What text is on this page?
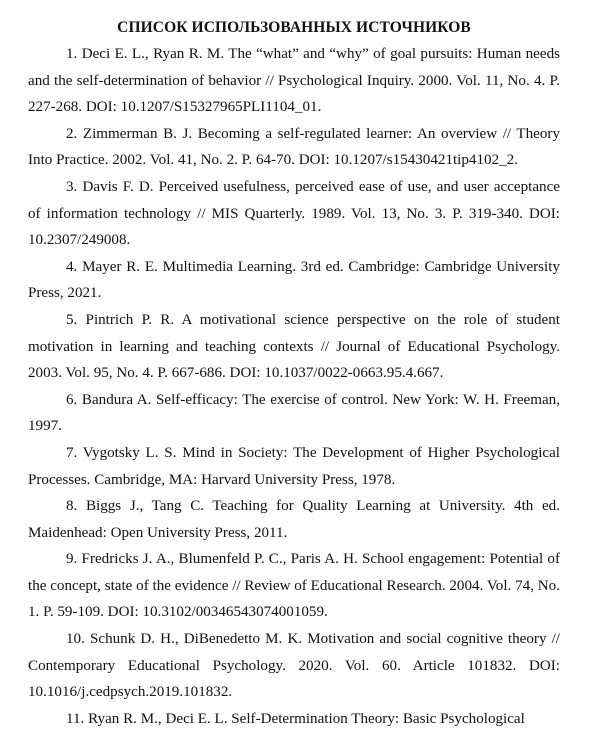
СПИСОК ИСПОЛЬЗОВАННЫХ ИСТОЧНИКОВ

1. Deci E. L., Ryan R. M. The “what” and “why” of goal pursuits: Human needs and the self-determination of behavior // Psychological Inquiry. 2000. Vol. 11, No. 4. P. 227-268. DOI: 10.1207/S15327965PLI1104_01.

2. Zimmerman B. J. Becoming a self-regulated learner: An overview // Theory Into Practice. 2002. Vol. 41, No. 2. P. 64-70. DOI: 10.1207/s15430421tip4102_2.

3. Davis F. D. Perceived usefulness, perceived ease of use, and user acceptance of information technology // MIS Quarterly. 1989. Vol. 13, No. 3. P. 319-340. DOI: 10.2307/249008.

4. Mayer R. E. Multimedia Learning. 3rd ed. Cambridge: Cambridge University Press, 2021.

5. Pintrich P. R. A motivational science perspective on the role of student motivation in learning and teaching contexts // Journal of Educational Psychology. 2003. Vol. 95, No. 4. P. 667-686. DOI: 10.1037/0022-0663.95.4.667.

6. Bandura A. Self-efficacy: The exercise of control. New York: W. H. Freeman, 1997.

7. Vygotsky L. S. Mind in Society: The Development of Higher Psychological Processes. Cambridge, MA: Harvard University Press, 1978.

8. Biggs J., Tang C. Teaching for Quality Learning at University. 4th ed. Maidenhead: Open University Press, 2011.

9. Fredricks J. A., Blumenfeld P. C., Paris A. H. School engagement: Potential of the concept, state of the evidence // Review of Educational Research. 2004. Vol. 74, No. 1. P. 59-109. DOI: 10.3102/00346543074001059.

10. Schunk D. H., DiBenedetto M. K. Motivation and social cognitive theory // Contemporary Educational Psychology. 2020. Vol. 60. Article 101832. DOI: 10.1016/j.cedpsych.2019.101832.

11. Ryan R. M., Deci E. L. Self-Determination Theory: Basic Psychological
